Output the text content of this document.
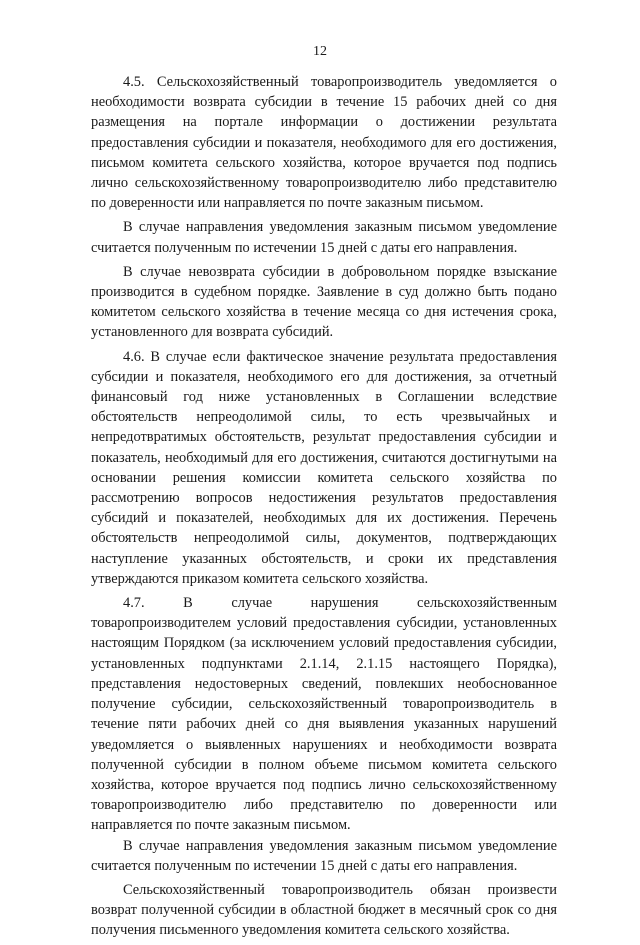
12

4.5. Сельскохозяйственный товаропроизводитель уведомляется о необходимости возврата субсидии в течение 15 рабочих дней со дня размещения на портале информации о достижении результата предоставления субсидии и показателя, необходимого для его достижения, письмом комитета сельского хозяйства, которое вручается под подпись лично сельскохозяйственному товаропроизводителю либо представителю по доверенности или направляется по почте заказным письмом.

В случае направления уведомления заказным письмом уведомление считается полученным по истечении 15 дней с даты его направления.

В случае невозврата субсидии в добровольном порядке взыскание производится в судебном порядке. Заявление в суд должно быть подано комитетом сельского хозяйства в течение месяца со дня истечения срока, установленного для возврата субсидий.

4.6. В случае если фактическое значение результата предоставления субсидии и показателя, необходимого его для достижения, за отчетный финансовый год ниже установленных в Соглашении вследствие обстоятельств непреодолимой силы, то есть чрезвычайных и непредотвратимых обстоятельств, результат предоставления субсидии и показатель, необходимый для его достижения, считаются достигнутыми на основании решения комиссии комитета сельского хозяйства по рассмотрению вопросов недостижения результатов предоставления субсидий и показателей, необходимых для их достижения. Перечень обстоятельств непреодолимой силы, документов, подтверждающих наступление указанных обстоятельств, и сроки их представления утверждаются приказом комитета сельского хозяйства.

4.7. В случае нарушения сельскохозяйственным товаропроизводителем условий предоставления субсидии, установленных настоящим Порядком (за исключением условий предоставления субсидии, установленных подпунктами 2.1.14, 2.1.15 настоящего Порядка), представления недостоверных сведений, повлекших необоснованное получение субсидии, сельскохозяйственный товаропроизводитель в течение пяти рабочих дней со дня выявления указанных нарушений уведомляется о выявленных нарушениях и необходимости возврата полученной субсидии в полном объеме письмом комитета сельского хозяйства, которое вручается под подпись лично сельскохозяйственному товаропроизводителю либо представителю по доверенности или направляется по почте заказным письмом.

В случае направления уведомления заказным письмом уведомление считается полученным по истечении 15 дней с даты его направления.

Сельскохозяйственный товаропроизводитель обязан произвести возврат полученной субсидии в областной бюджет в месячный срок со дня получения письменного уведомления комитета сельского хозяйства.
